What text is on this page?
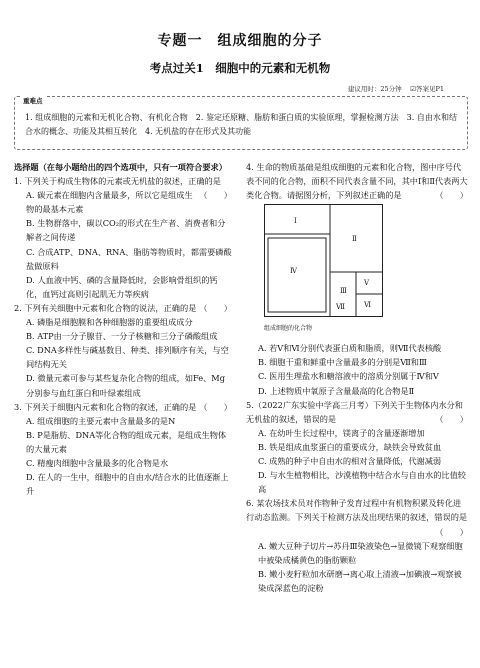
专题一　组成细胞的分子
考点过关1　细胞中的元素和无机物
建议用时：25分钟　 ☑答案见P1
重难点
1. 组成细胞的元素和无机化合物、有机化合物　2. 鉴定还原糖、脂肪和蛋白质的实验原理，掌握检测方法　3. 自由水和结合水的概念、功能及其相互转化　4. 无机盐的存在形式及其功能

选择题（在每小题给出的四个选项中，只有一项符合要求）

1. 下列关于构成生物体的元素或无机盐的叙述，正确的是
（　　）

A. 碳元素在细胞内含量最多，所以它是组成生物的最基本元素

B. 生物群落中，碳以CO₂的形式在生产者、消费者和分解者之间传递

C. 合成ATP、DNA、RNA、脂肪等物质时，都需要磷酸盐做原料

D. 人血液中钙、磷的含量降低时，会影响骨组织的钙化，血钙过高则引起肌无力等疾病

2. 下列有关细胞中元素和化合物的说法，正确的是 （　　）

A. 磷脂是细胞膜和各种细胞器的重要组成成分

B. ATP由一分子腺苷、一分子核糖和三分子磷酸组成

C. DNA多样性与碱基数目、种类、排列顺序有关，与空间结构无关

D. 微量元素可参与某些复杂化合物的组成，如Fe、Mg分别参与血红蛋白和叶绿素组成

3. 下列关于细胞内元素和化合物的叙述，正确的是 （　　）

A. 组成细胞的主要元素中含量最多的是N

B. P是脂肪、DNA等化合物的组成元素，是组成生物体的大量元素

C. 精瘦肉细胞中含量最多的化合物是水

D. 在人的一生中，细胞中的自由水/结合水的比值逐渐上升

4. 生命的物质基础是组成细胞的元素和化合物，图中序号代表不同的化合物，面积不同代表含量不同，其中Ⅰ和Ⅱ代表两大类化合物。请据图分析，下列叙述正确的是	（　　）

Ⅰ
Ⅱ
Ⅲ
Ⅳ
Ⅴ
Ⅵ
Ⅶ
组成细胞的化合物

A. 若Ⅴ和Ⅵ分别代表蛋白质和脂质，则Ⅶ代表核酸

B. 细胞干重和鲜重中含量最多的分别是Ⅶ和Ⅲ

C. 医用生理盐水和糖溶液中的溶质分别属于Ⅳ和Ⅴ

D. 上述物质中氧原子含量最高的化合物是Ⅱ

5.（2022广东实验中学高三月考）下列关于生物体内水分和无机盐的叙述，错误的是	（　　）

A. 在幼叶生长过程中，镁离子的含量逐渐增加

B. 铁是组成血浆蛋白的重要成分，缺铁会导致贫血

C. 成熟的种子中自由水的相对含量降低，代谢减弱

D. 与水生植物相比，沙漠植物中结合水与自由水的比值较高

6. 某农场技术员对作物种子发育过程中有机物积累及转化进行动态监测。下列关于检测方法及出现结果的叙述，错误的是
（　　）

A. 嫩大豆种子切片→苏丹Ⅲ染液染色→显微镜下观察细胞中被染成橘黄色的脂肪颗粒

B. 嫩小麦籽粒加水研磨→离心取上清液→加碘液→观察被染成深蓝色的淀粉
